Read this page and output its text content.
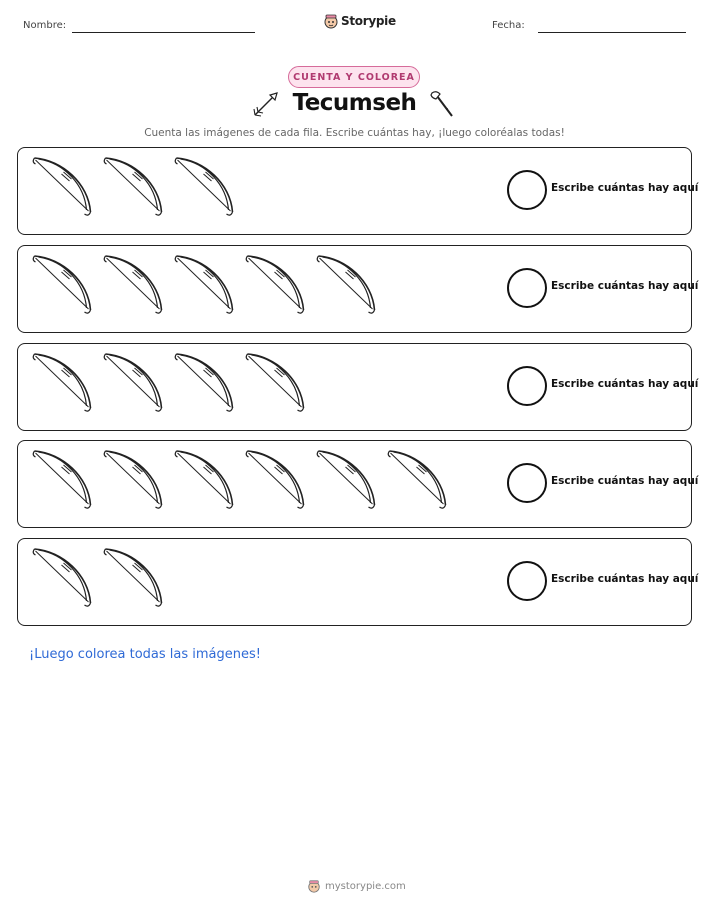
Nombre:	Storypie	Fecha:
CUENTA Y COLOREA
Tecumseh
Cuenta las imágenes de cada fila. Escribe cuántas hay, ¡luego coloréalas todas!
Escribe cuántas hay aquí
Escribe cuántas hay aquí
Escribe cuántas hay aquí
Escribe cuántas hay aquí
Escribe cuántas hay aquí
¡Luego colorea todas las imágenes!
mystorypie.com
